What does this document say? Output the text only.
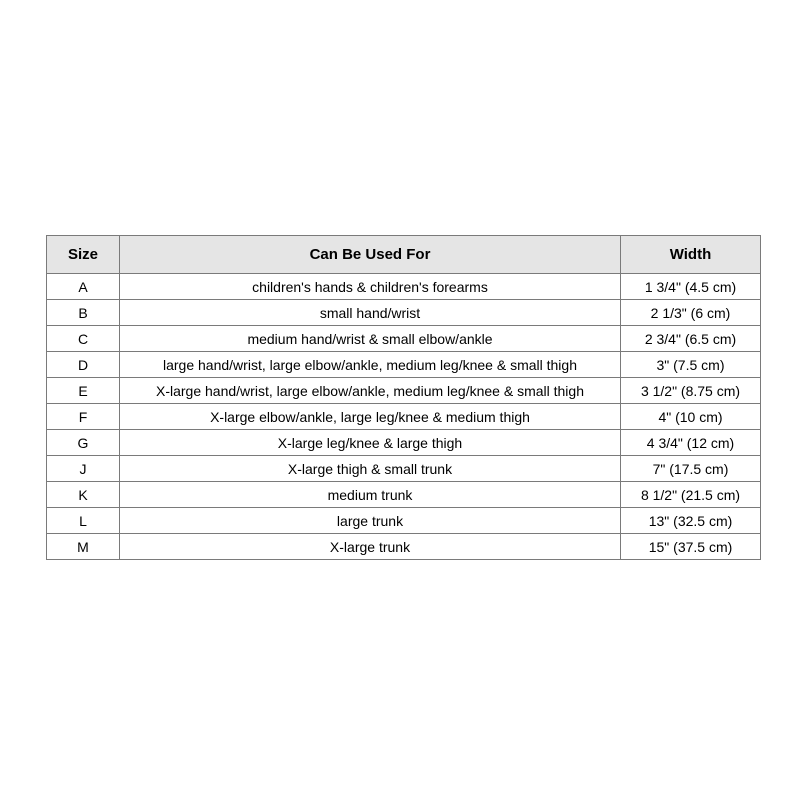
Size	Can Be Used For	Width
A	children's hands & children's forearms	1 3/4" (4.5 cm)
B	small hand/wrist	2 1/3" (6 cm)
C	medium hand/wrist & small elbow/ankle	2 3/4" (6.5 cm)
D	large hand/wrist, large elbow/ankle, medium leg/knee & small thigh	3" (7.5 cm)
E	X-large hand/wrist, large elbow/ankle, medium leg/knee & small thigh	3 1/2" (8.75 cm)
F	X-large elbow/ankle, large leg/knee & medium thigh	4" (10 cm)
G	X-large leg/knee & large thigh	4 3/4" (12 cm)
J	X-large thigh & small trunk	7" (17.5 cm)
K	medium trunk	8 1/2" (21.5 cm)
L	large trunk	13" (32.5 cm)
M	X-large trunk	15" (37.5 cm)
